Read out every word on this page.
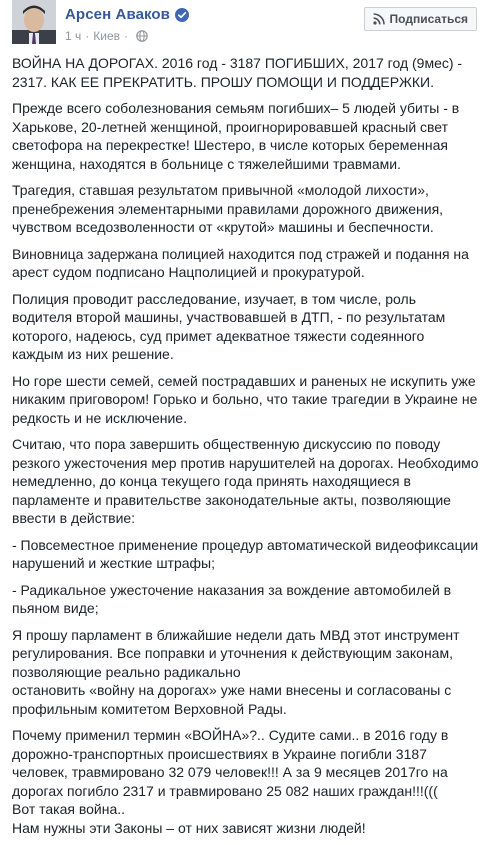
Арсен Аваков
1 ч · Киев ·
Подписаться

ВОЙНА НА ДОРОГАХ. 2016 год - 3187 ПОГИБШИХ, 2017 год (9мес) - 2317. КАК ЕЕ ПРЕКРАТИТЬ. ПРОШУ ПОМОЩИ И ПОДДЕРЖКИ.

Прежде всего соболезнования семьям погибших– 5 людей убиты - в Харькове, 20-летней женщиной, проигнорировавшей красный свет светофора на перекрестке! Шестеро, в числе которых беременная женщина, находятся в больнице с тяжелейшими травмами.

Трагедия, ставшая результатом привычной «молодой лихости», пренебрежения элементарными правилами дорожного движения, чувством вседозволенности от «крутой» машины и беспечности.

Виновница задержана полицией находится под стражей и подання на арест судом подписано Нацполицией и прокуратурой.

Полиция проводит расследование, изучает, в том числе, роль водителя второй машины, участвовавшей в ДТП, - по результатам которого, надеюсь, суд примет адекватное тяжести содеянного каждым из них решение.

Но горе шести семей, семей пострадавших и раненых не искупить уже никаким приговором! Горько и больно, что такие трагедии в Украине не редкость и не исключение.

Считаю, что пора завершить общественную дискуссию по поводу резкого ужесточения мер против нарушителей на дорогах. Необходимо немедленно, до конца текущего года принять находящиеся в парламенте и правительстве законодательные акты, позволяющие ввести в действие:

- Повсеместное применение процедур автоматической видеофиксации нарушений и жесткие штрафы;

- Радикальное ужесточение наказания за вождение автомобилей в пьяном виде;

Я прошу парламент в ближайшие недели дать МВД этот инструмент регулирования. Все поправки и уточнения к действующим законам, позволяющие реально радикально
остановить «войну на дорогах» уже нами внесены и согласованы с профильным комитетом Верховной Рады.

Почему применил термин «ВОЙНА»?.. Судите сами.. в 2016 году в дорожно-транспортных происшествиях в Украине погибли 3187 человек, травмировано 32 079 человек!!! А за 9 месяцев 2017го на дорогах погибло 2317 и травмировано 25 082 наших граждан!!!(((
Вот такая война..
Нам нужны эти Законы – от них зависят жизни людей!
